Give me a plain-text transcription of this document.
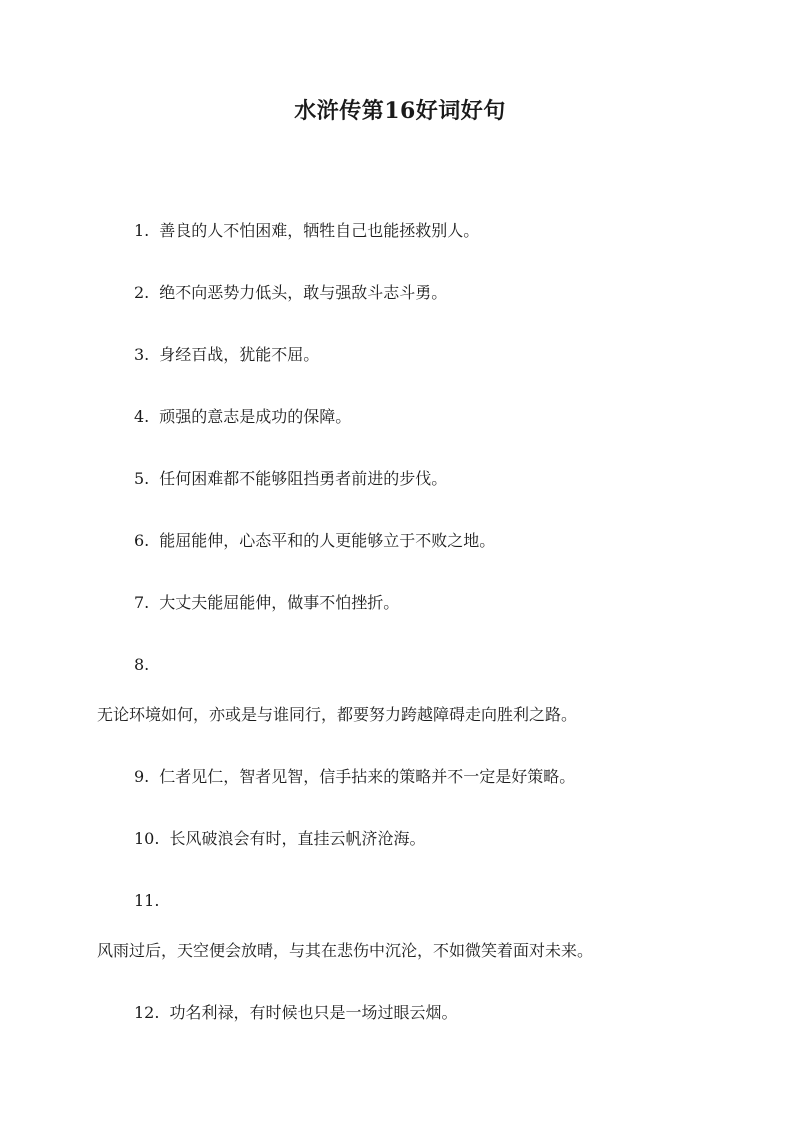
水浒传第16好词好句

1. 善良的人不怕困难，牺牲自己也能拯救别人。

2. 绝不向恶势力低头，敢与强敌斗志斗勇。

3. 身经百战，犹能不屈。

4. 顽强的意志是成功的保障。

5. 任何困难都不能够阻挡勇者前进的步伐。

6. 能屈能伸，心态平和的人更能够立于不败之地。

7. 大丈夫能屈能伸，做事不怕挫折。

8.

无论环境如何，亦或是与谁同行，都要努力跨越障碍走向胜利之路。

9. 仁者见仁，智者见智，信手拈来的策略并不一定是好策略。

10. 长风破浪会有时，直挂云帆济沧海。

11.

风雨过后，天空便会放晴，与其在悲伤中沉沦，不如微笑着面对未来。

12. 功名利禄，有时候也只是一场过眼云烟。
